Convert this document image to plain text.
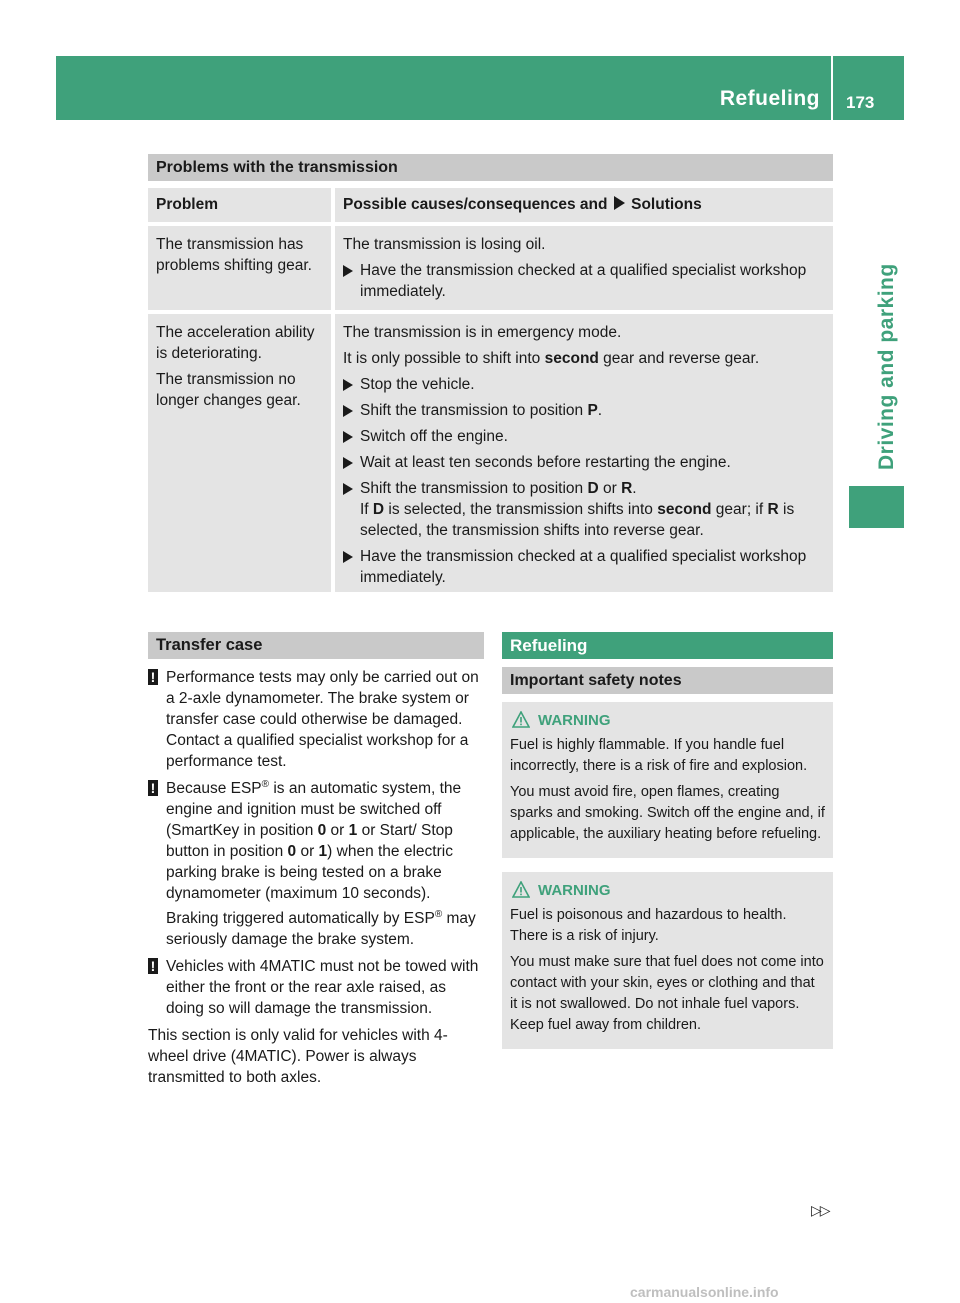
Refueling 173
Driving and parking
Problems with the transmission
Problem	Possible causes/consequences and Solutions
The transmission has problems shifting gear.
The transmission is losing oil.
Have the transmission checked at a qualified specialist workshop immediately.
The acceleration ability is deteriorating.
The transmission no longer changes gear.
The transmission is in emergency mode.
It is only possible to shift into second gear and reverse gear.
Stop the vehicle.
Shift the transmission to position P.
Switch off the engine.
Wait at least ten seconds before restarting the engine.
Shift the transmission to position D or R.
If D is selected, the transmission shifts into second gear; if R is selected, the transmission shifts into reverse gear.
Have the transmission checked at a qualified specialist workshop immediately.
Transfer case
! Performance tests may only be carried out on a 2-axle dynamometer. The brake system or transfer case could otherwise be damaged. Contact a qualified specialist workshop for a performance test.
! Because ESP® is an automatic system, the engine and ignition must be switched off (SmartKey in position 0 or 1 or Start/ Stop button in position 0 or 1) when the electric parking brake is being tested on a brake dynamometer (maximum 10 seconds).
Braking triggered automatically by ESP® may seriously damage the brake system.
! Vehicles with 4MATIC must not be towed with either the front or the rear axle raised, as doing so will damage the transmission.
This section is only valid for vehicles with 4-wheel drive (4MATIC). Power is always transmitted to both axles.
Refueling
Important safety notes
WARNING
Fuel is highly flammable. If you handle fuel incorrectly, there is a risk of fire and explosion.
You must avoid fire, open flames, creating sparks and smoking. Switch off the engine and, if applicable, the auxiliary heating before refueling.
WARNING
Fuel is poisonous and hazardous to health. There is a risk of injury.
You must make sure that fuel does not come into contact with your skin, eyes or clothing and that it is not swallowed. Do not inhale fuel vapors. Keep fuel away from children.
▷▷
carmanualsonline.info
